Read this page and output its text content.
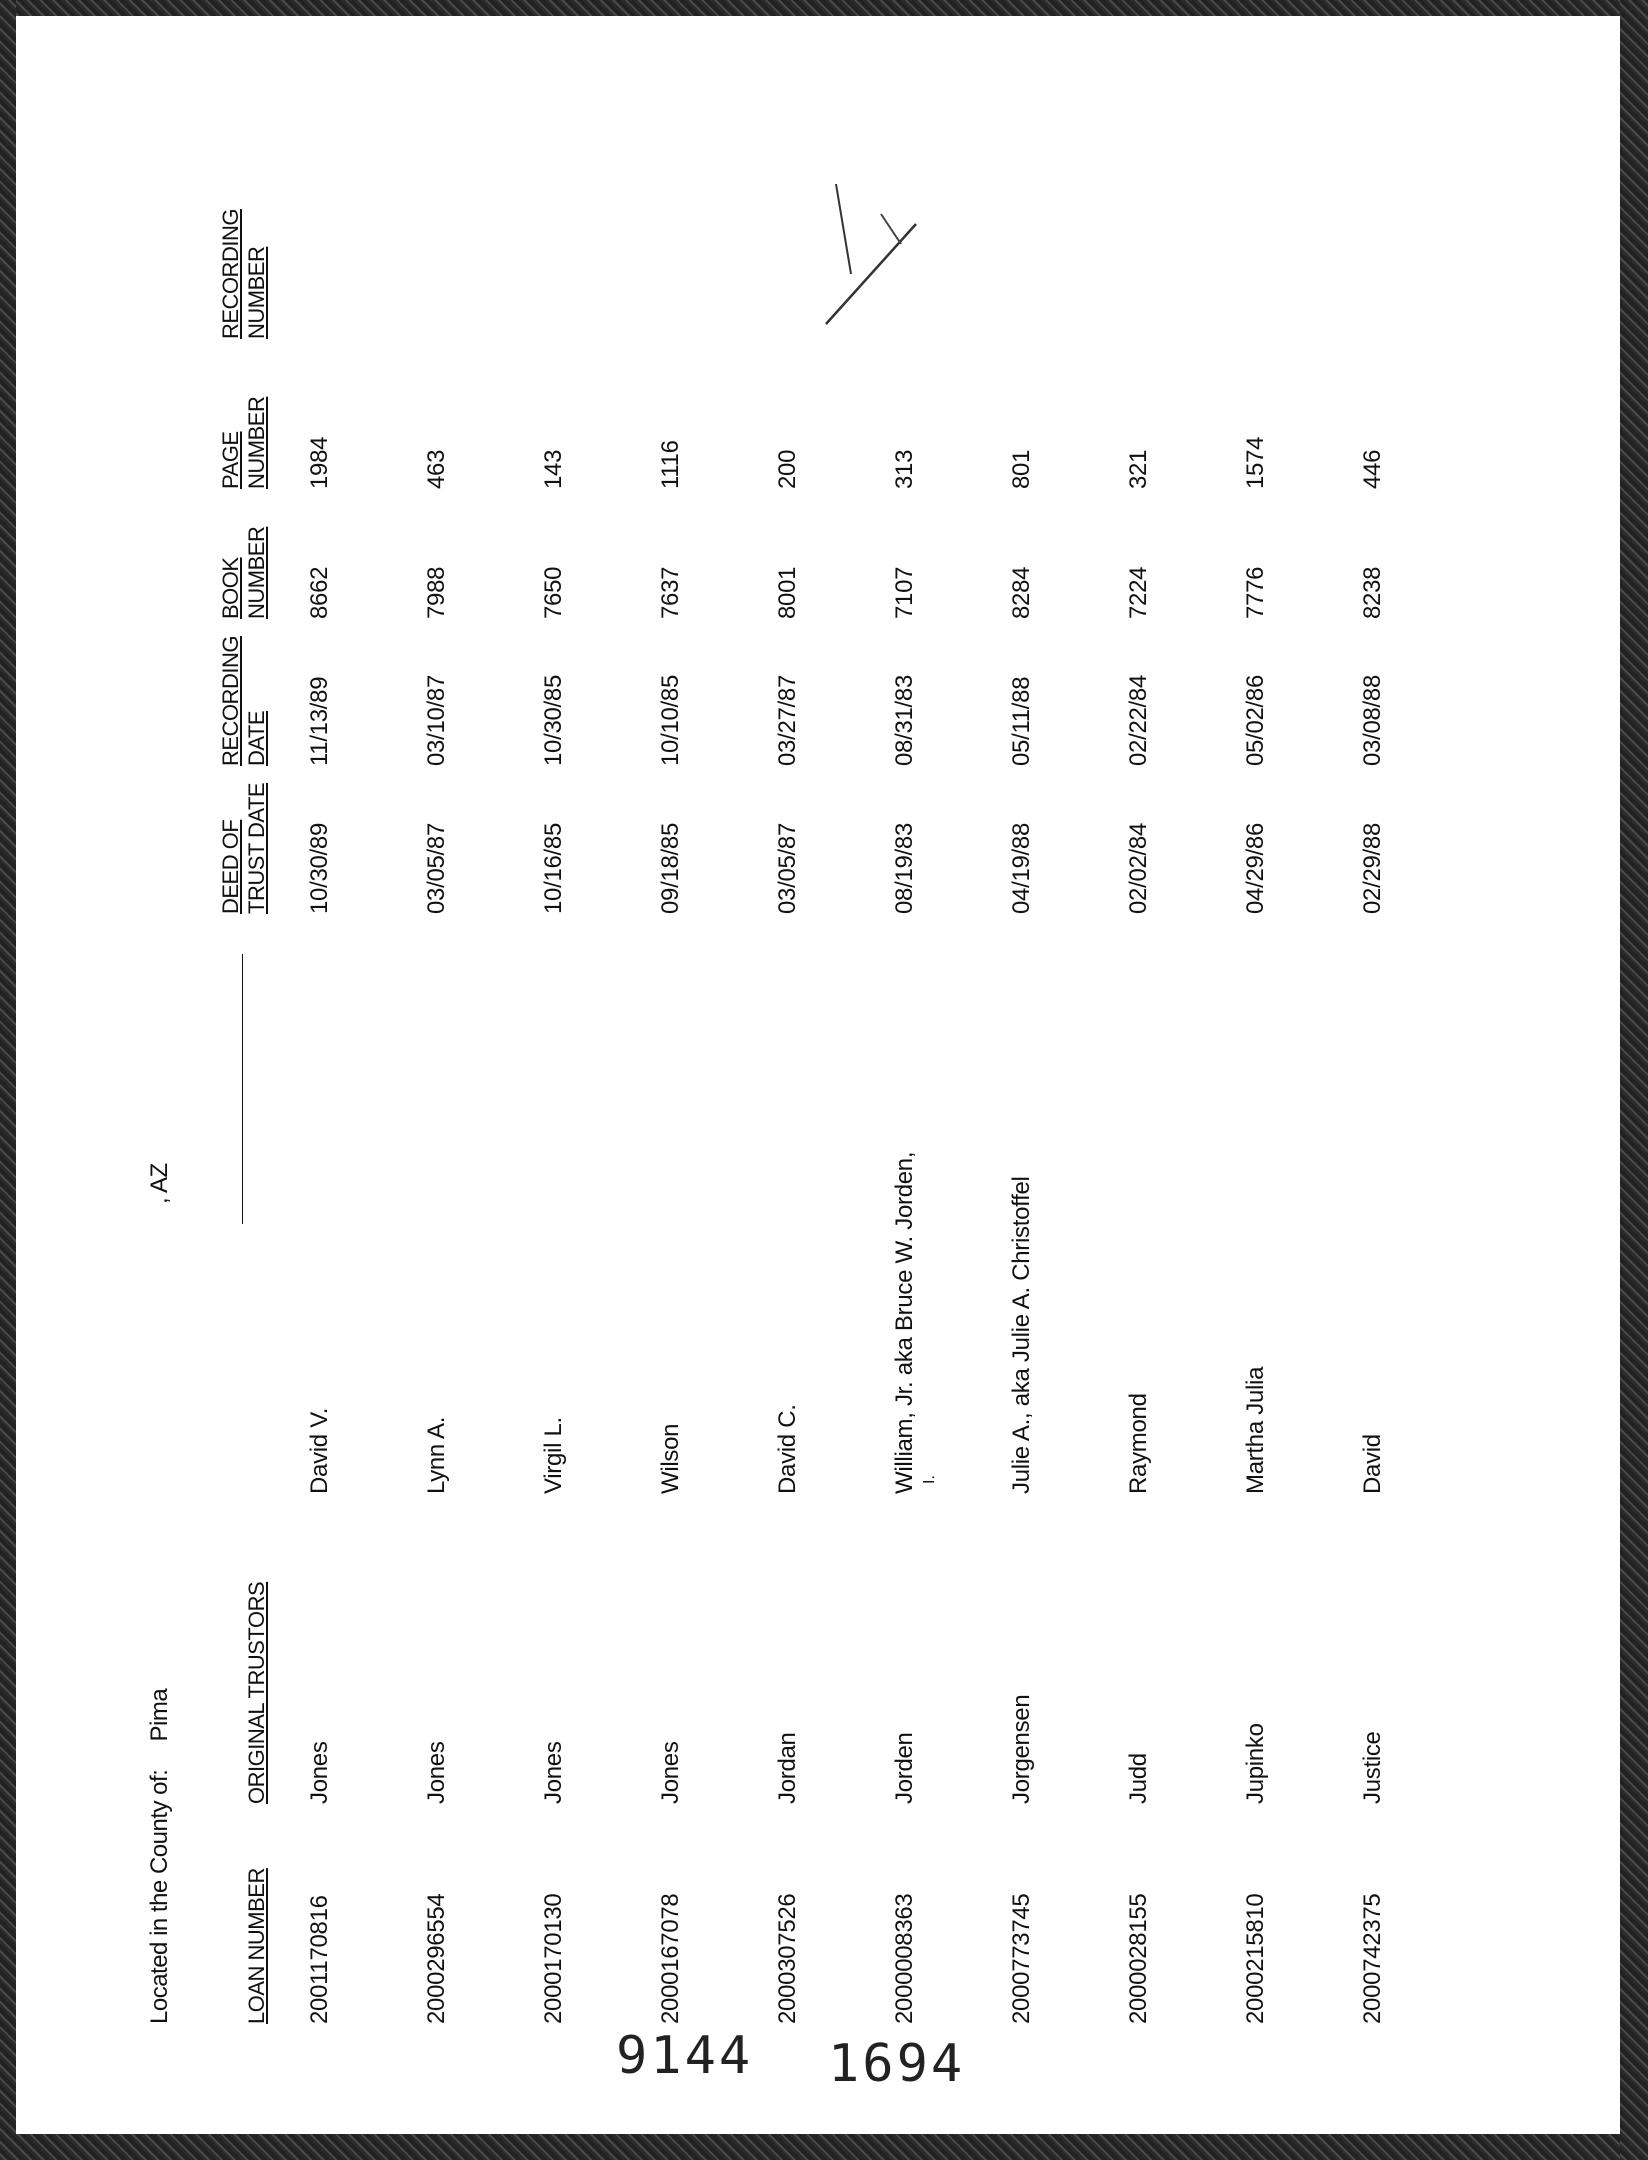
Located in the County of: Pima
, AZ
LOAN NUMBER
ORIGINAL TRUSTORS
DEED OF TRUST DATE
RECORDING DATE
BOOK NUMBER
PAGE NUMBER
RECORDING NUMBER
2001170816
Jones
David V.
10/30/89
11/13/89
8662
1984
2000296554
Jones
Lynn A.
03/05/87
03/10/87
7988
463
2000170130
Jones
Virgil L.
10/16/85
10/30/85
7650
143
2000167078
Jones
Wilson
09/18/85
10/10/85
7637
1116
2000307526
Jordan
David C.
03/05/87
03/27/87
8001
200
2000008363
Jorden
William, Jr. aka Bruce W. Jorden, I.
08/19/83
08/31/83
7107
313
2000773745
Jorgensen
Julie A., aka Julie A. Christoffel
04/19/88
05/11/88
8284
801
2000028155
Judd
Raymond
02/02/84
02/22/84
7224
321
2000215810
Jupinko
Martha Julia
04/29/86
05/02/86
7776
1574
2000742375
Justice
David
02/29/88
03/08/88
8238
446
9144 1694
